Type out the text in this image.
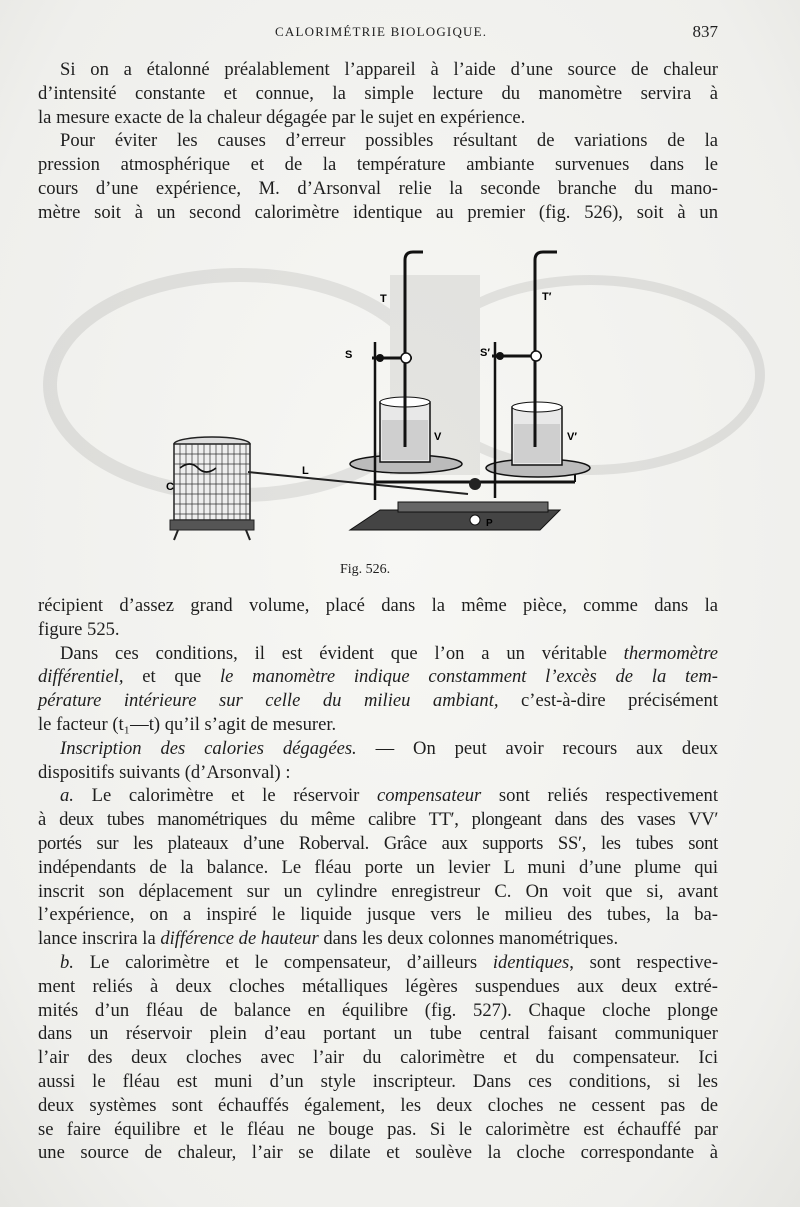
CALORIMÉTRIE BIOLOGIQUE.	837
Si on a étalonné préalablement l’appareil à l’aide d’une source de chaleur
d’intensité constante et connue, la simple lecture du manomètre servira à
la mesure exacte de la chaleur dégagée par le sujet en expérience.
Pour éviter les causes d’erreur possibles résultant de variations de la
pression atmosphérique et de la température ambiante survenues dans le
cours d’une expérience, M. d’Arsonval relie la seconde branche du mano-
mètre soit à un second calorimètre identique au premier (fig. 526), soit à un
T	T′
S	S′
V	V′
L
C
P
Fig. 526.
récipient d’assez grand volume, placé dans la même pièce, comme dans la
figure 525.
Dans ces conditions, il est évident que l’on a un véritable thermomètre
différentiel, et que le manomètre indique constamment l’excès de la tem-
pérature intérieure sur celle du milieu ambiant, c’est-à-dire précisément
le facteur (t₁—t) qu’il s’agit de mesurer.
Inscription des calories dégagées. — On peut avoir recours aux deux
dispositifs suivants (d’Arsonval) :
a. Le calorimètre et le réservoir compensateur sont reliés respectivement
à deux tubes manométriques du même calibre TT′, plongeant dans des vases VV′
portés sur les plateaux d’une Roberval. Grâce aux supports SS′, les tubes sont
indépendants de la balance. Le fléau porte un levier L muni d’une plume qui
inscrit son déplacement sur un cylindre enregistreur C. On voit que si, avant
l’expérience, on a inspiré le liquide jusque vers le milieu des tubes, la ba-
lance inscrira la différence de hauteur dans les deux colonnes manométriques.
b. Le calorimètre et le compensateur, d’ailleurs identiques, sont respective-
ment reliés à deux cloches métalliques légères suspendues aux deux extré-
mités d’un fléau de balance en équilibre (fig. 527). Chaque cloche plonge
dans un réservoir plein d’eau portant un tube central faisant communiquer
l’air des deux cloches avec l’air du calorimètre et du compensateur. Ici
aussi le fléau est muni d’un style inscripteur. Dans ces conditions, si les
deux systèmes sont échauffés également, les deux cloches ne cessent pas de
se faire équilibre et le fléau ne bouge pas. Si le calorimètre est échauffé par
une source de chaleur, l’air se dilate et soulève la cloche correspondante à
